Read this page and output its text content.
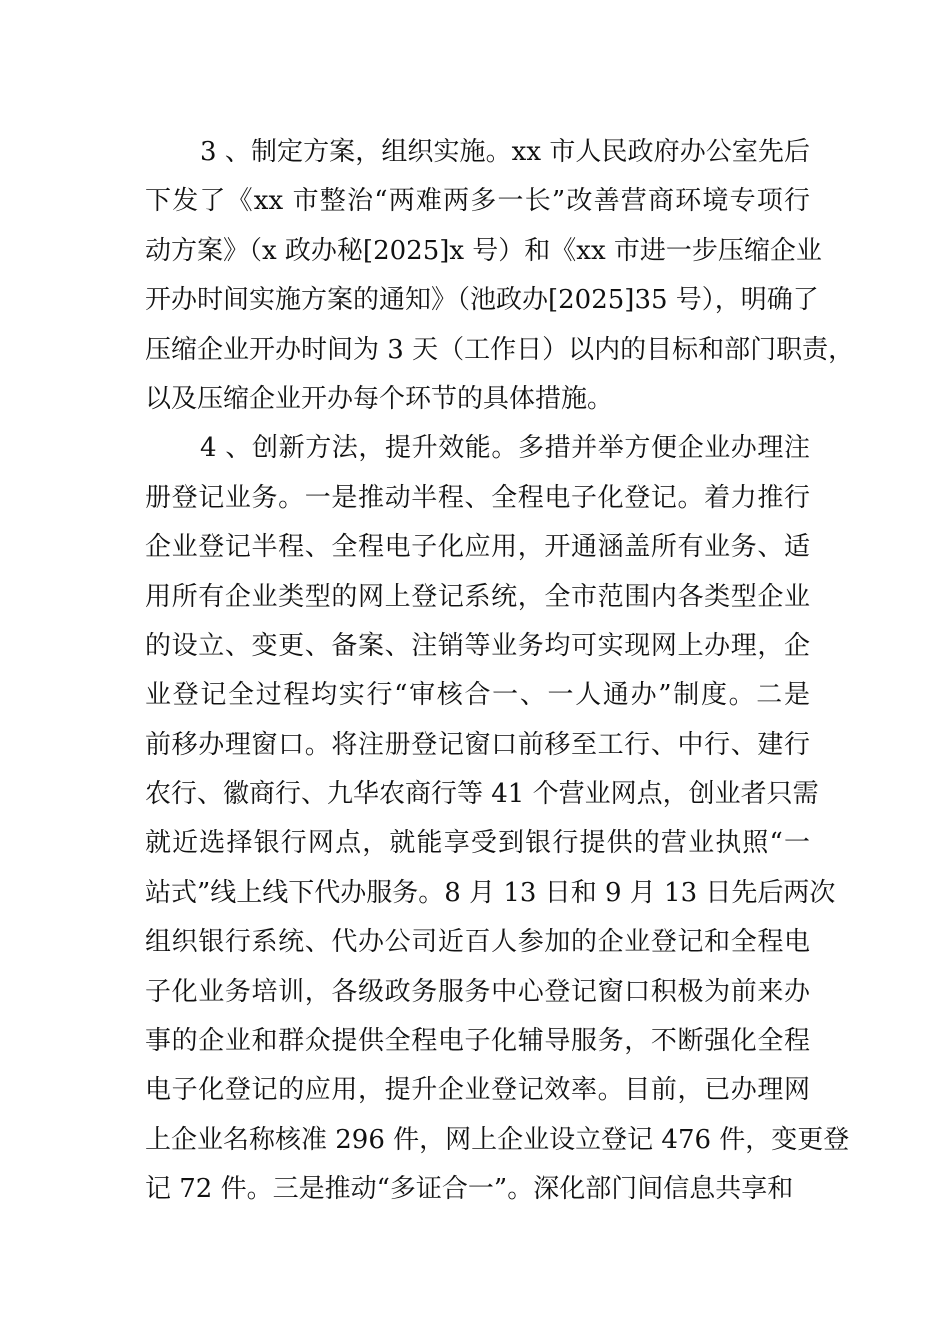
3 、制定方案，组织实施。xx 市人民政府办公室先后
下发了《xx 市整治“两难两多一长”改善营商环境专项行
动方案》（x 政办秘[2025]x 号）和《xx 市进一步压缩企业
开办时间实施方案的通知》（池政办[2025]35 号），明确了
压缩企业开办时间为 3 天（工作日）以内的目标和部门职责，
以及压缩企业开办每个环节的具体措施。
4 、创新方法，提升效能。多措并举方便企业办理注
册登记业务。一是推动半程、全程电子化登记。着力推行
企业登记半程、全程电子化应用，开通涵盖所有业务、适
用所有企业类型的网上登记系统，全市范围内各类型企业
的设立、变更、备案、注销等业务均可实现网上办理，企
业登记全过程均实行“审核合一、一人通办”制度。二是
前移办理窗口。将注册登记窗口前移至工行、中行、建行
农行、徽商行、九华农商行等 41 个营业网点，创业者只需
就近选择银行网点，就能享受到银行提供的营业执照“一
站式”线上线下代办服务。8 月 13 日和 9 月 13 日先后两次
组织银行系统、代办公司近百人参加的企业登记和全程电
子化业务培训，各级政务服务中心登记窗口积极为前来办
事的企业和群众提供全程电子化辅导服务，不断强化全程
电子化登记的应用，提升企业登记效率。目前，已办理网
上企业名称核准 296 件，网上企业设立登记 476 件，变更登
记 72 件。三是推动“多证合一”。深化部门间信息共享和
